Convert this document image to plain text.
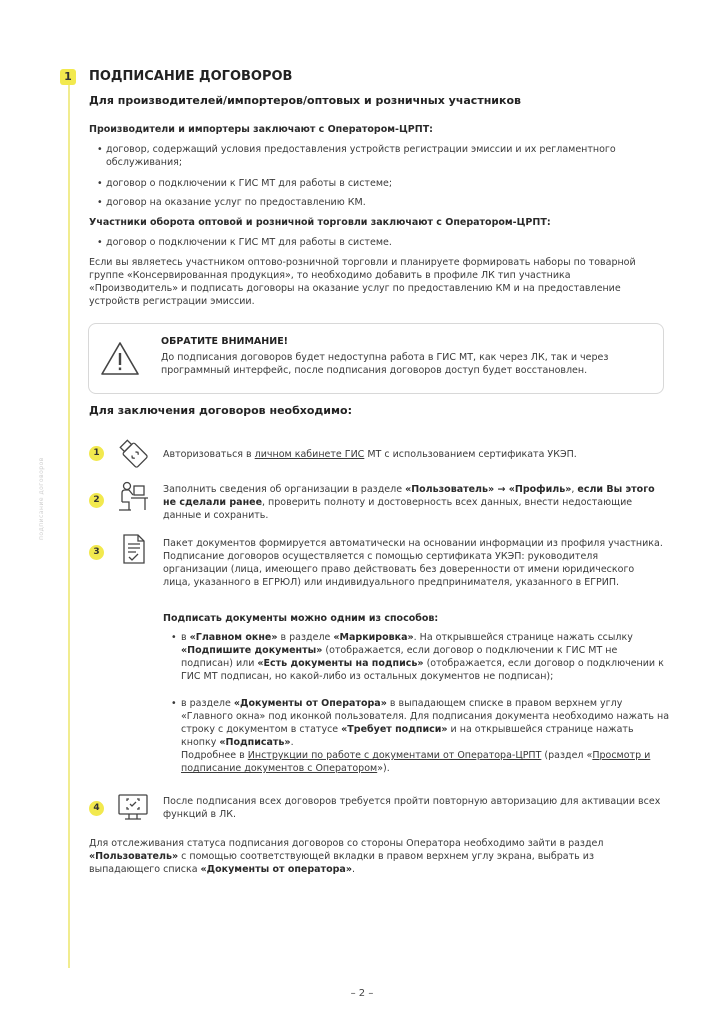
подписание договоров
1	ПОДПИСАНИЕ ДОГОВОРОВ
Для производителей/импортеров/оптовых и розничных участников
Производители и импортеры заключают с Оператором-ЦРПТ:
• договор, содержащий условия предоставления устройств регистрации эмиссии и их регламентного обслуживания;
• договор о подключении к ГИС МТ для работы в системе;
• договор на оказание услуг по предоставлению КМ.
Участники оборота оптовой и розничной торговли заключают с Оператором-ЦРПТ:
• договор о подключении к ГИС МТ для работы в системе.
Если вы являетесь участником оптово-розничной торговли и планируете формировать наборы по товарной группе «Консервированная продукция», то необходимо добавить в профиле ЛК тип участника «Производитель» и подписать договоры на оказание услуг по предоставлению КМ и на предоставление устройств регистрации эмиссии.
ОБРАТИТЕ ВНИМАНИЕ!
До подписания договоров будет недоступна работа в ГИС МТ, как через ЛК, так и через программный интерфейс, после подписания договоров доступ будет восстановлен.
Для заключения договоров необходимо:
1	Авторизоваться в личном кабинете ГИС МТ с использованием сертификата УКЭП.
2
Заполнить сведения об организации в разделе «Пользователь» → «Профиль», если Вы этого не сделали ранее, проверить полноту и достоверность всех данных, внести недостающие данные и сохранить.
3
Пакет документов формируется автоматически на основании информации из профиля участника. Подписание договоров осуществляется с помощью сертификата УКЭП: руководителя организации (лица, имеющего право действовать без доверенности от имени юридического лица, указанного в ЕГРЮЛ) или индивидуального предпринимателя, указанного в ЕГРИП.
Подписать документы можно одним из способов:
• в «Главном окне» в разделе «Маркировка». На открывшейся странице нажать ссылку «Подпишите документы» (отображается, если договор о подключении к ГИС МТ не подписан) или «Есть документы на подпись» (отображается, если договор о подключении к ГИС МТ подписан, но какой-либо из остальных документов не подписан);
• в разделе «Документы от Оператора» в выпадающем списке в правом верхнем углу «Главного окна» под иконкой пользователя. Для подписания документа необходимо нажать на строку с документом в статусе «Требует подписи» и на открывшейся странице нажать кнопку «Подписать».
Подробнее в Инструкции по работе с документами от Оператора-ЦРПТ (раздел «Просмотр и подписание документов с Оператором»).
4
После подписания всех договоров требуется пройти повторную авторизацию для активации всех функций в ЛК.
Для отслеживания статуса подписания договоров со стороны Оператора необходимо зайти в раздел «Пользователь» с помощью соответствующей вкладки в правом верхнем углу экрана, выбрать из выпадающего списка «Документы от оператора».
– 2 –
